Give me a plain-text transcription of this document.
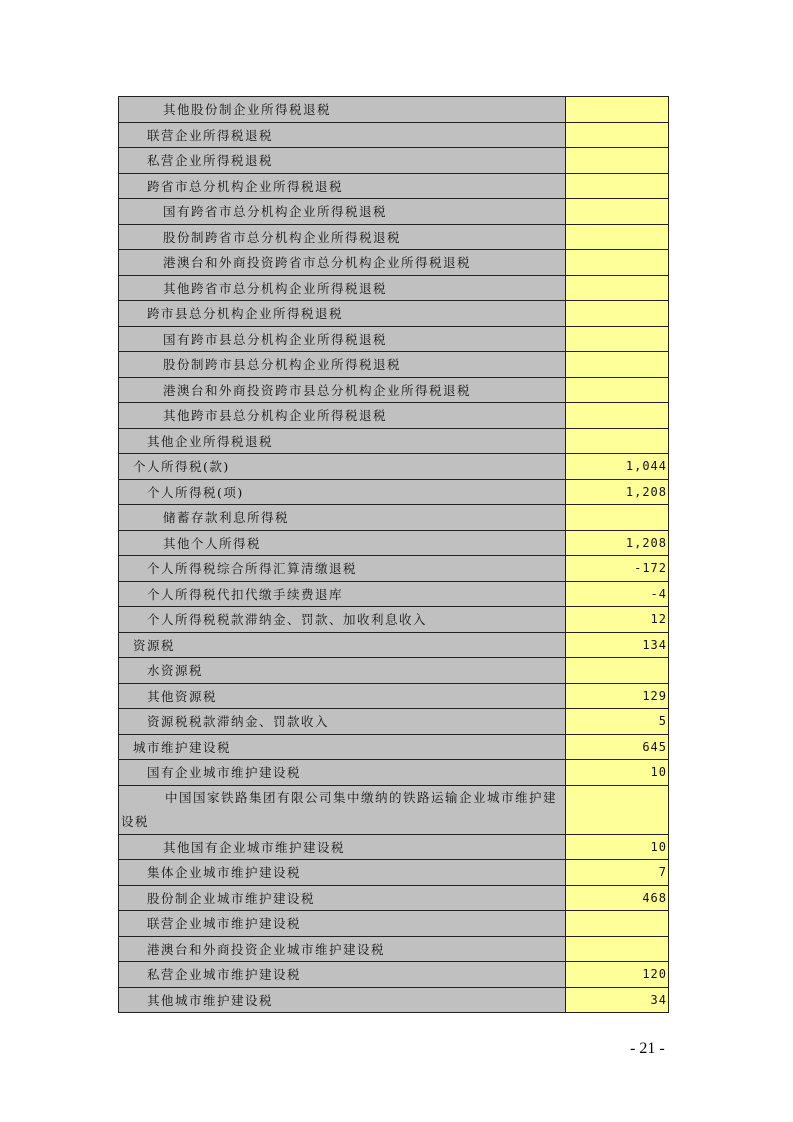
其他股份制企业所得税退税	
联营企业所得税退税	
私营企业所得税退税	
跨省市总分机构企业所得税退税	
国有跨省市总分机构企业所得税退税	
股份制跨省市总分机构企业所得税退税	
港澳台和外商投资跨省市总分机构企业所得税退税	
其他跨省市总分机构企业所得税退税	
跨市县总分机构企业所得税退税	
国有跨市县总分机构企业所得税退税	
股份制跨市县总分机构企业所得税退税	
港澳台和外商投资跨市县总分机构企业所得税退税	
其他跨市县总分机构企业所得税退税	
其他企业所得税退税	
个人所得税(款)	1,044
个人所得税(项)	1,208
储蓄存款利息所得税	
其他个人所得税	1,208
个人所得税综合所得汇算清缴退税	-172
个人所得税代扣代缴手续费退库	-4
个人所得税税款滞纳金、罚款、加收利息收入	12
资源税	134
水资源税	
其他资源税	129
资源税税款滞纳金、罚款收入	5
城市维护建设税	645
国有企业城市维护建设税	10
中国国家铁路集团有限公司集中缴纳的铁路运输企业城市维护建设税	
其他国有企业城市维护建设税	10
集体企业城市维护建设税	7
股份制企业城市维护建设税	468
联营企业城市维护建设税	
港澳台和外商投资企业城市维护建设税	
私营企业城市维护建设税	120
其他城市维护建设税	34
- 21 -
